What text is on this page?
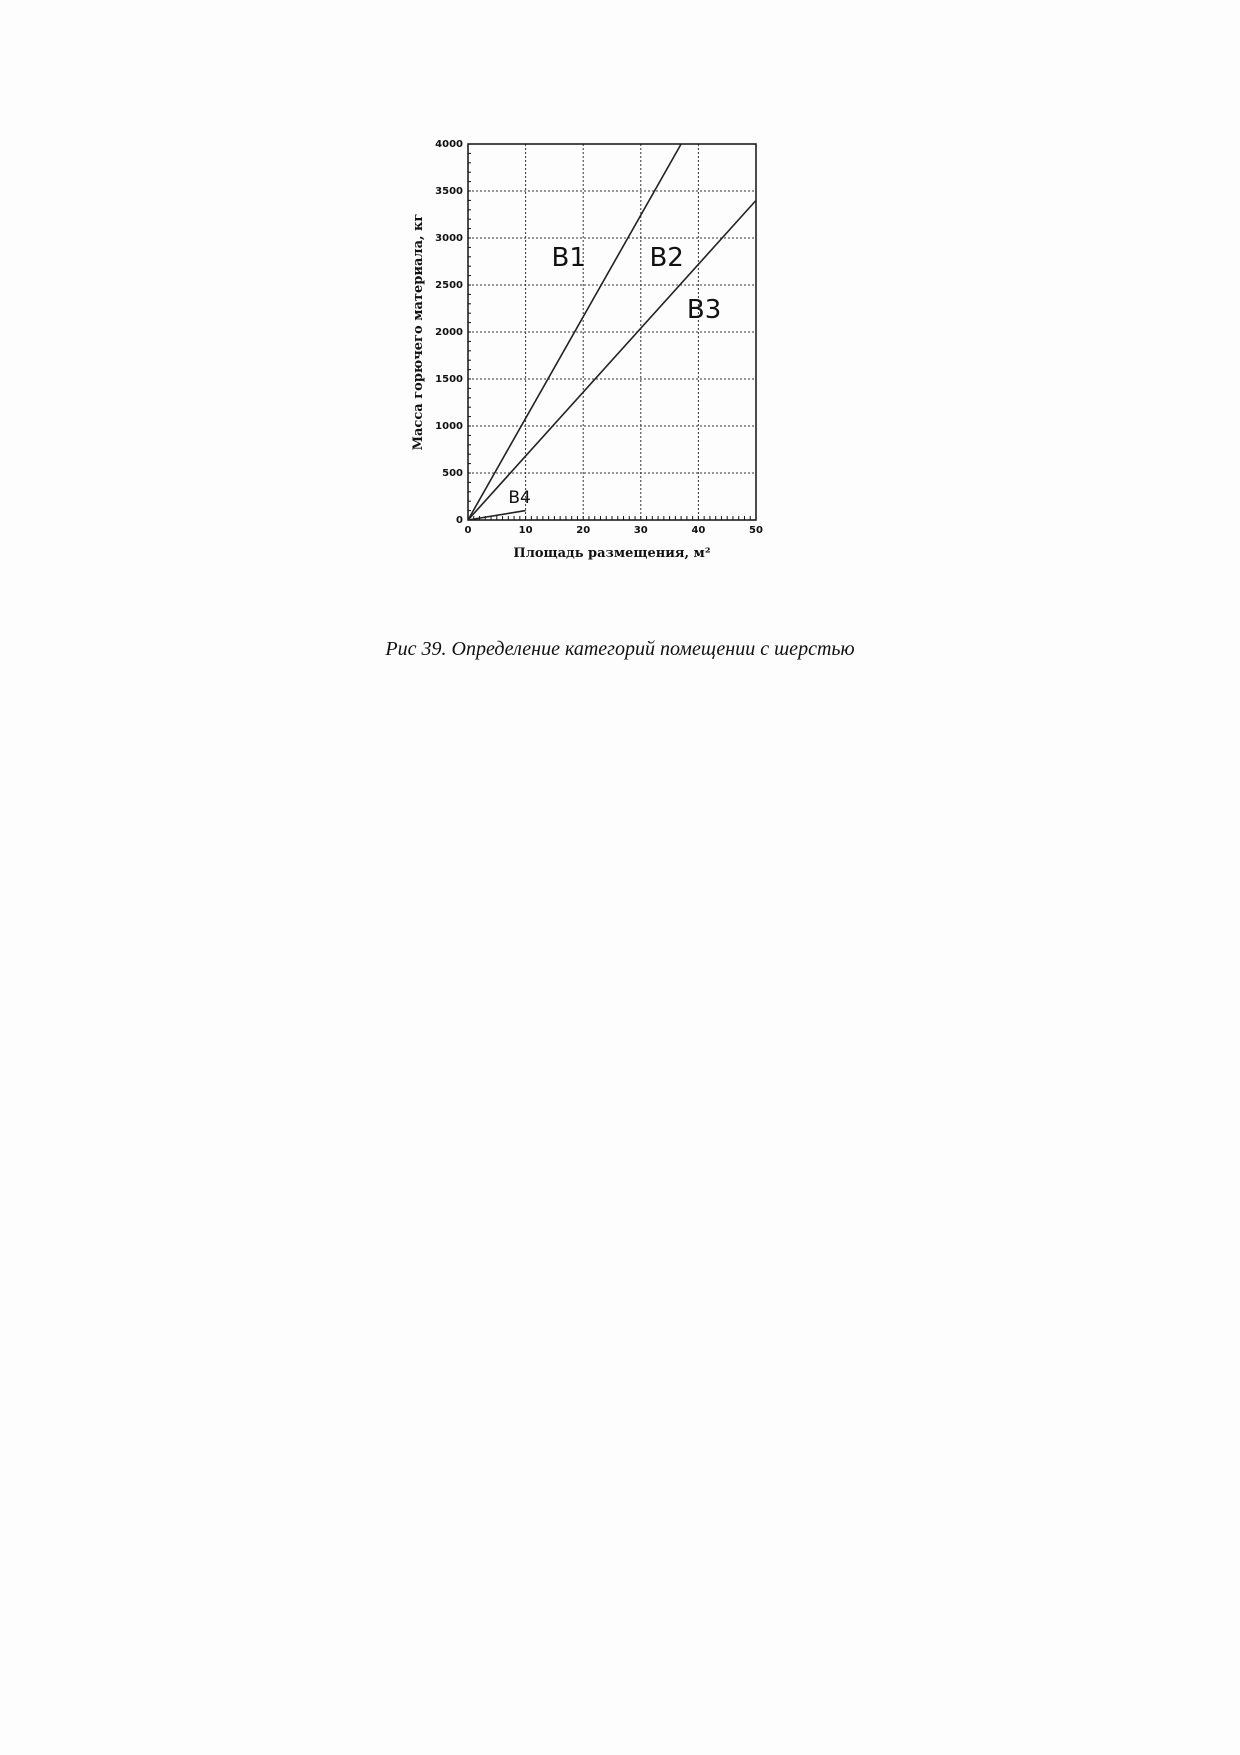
0	10	20	30	40	50
0
500
1000
1500
2000
2500
3000
3500
4000
В1 В2
В3
В4
Площадь размещения, м²
Масса горючего материала, кг
Рис 39. Определение категорий помещении с шерстью
